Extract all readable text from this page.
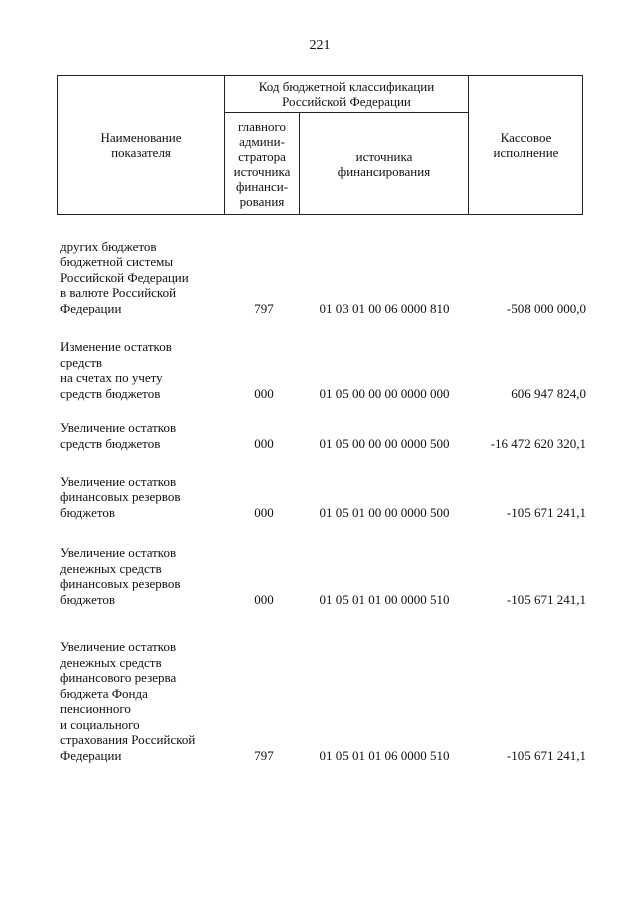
221
Наименование показателя
Код бюджетной классификации Российской Федерации
главного админи- стратора источника финанси- рования
источника финансирования
Кассовое исполнение
других бюджетов
бюджетной системы
Российской Федерации
в валюте Российской
Федерации	797	01 03 01 00 06 0000 810	-508 000 000,0
Изменение остатков
средств
на счетах по учету
средств бюджетов	000	01 05 00 00 00 0000 000	606 947 824,0
Увеличение остатков
средств бюджетов	000	01 05 00 00 00 0000 500	-16 472 620 320,1
Увеличение остатков
финансовых резервов
бюджетов	000	01 05 01 00 00 0000 500	-105 671 241,1
Увеличение остатков
денежных средств
финансовых резервов
бюджетов	000	01 05 01 01 00 0000 510	-105 671 241,1
Увеличение остатков
денежных средств
финансового резерва
бюджета Фонда
пенсионного
и социального
страхования Российской
Федерации	797	01 05 01 01 06 0000 510	-105 671 241,1
